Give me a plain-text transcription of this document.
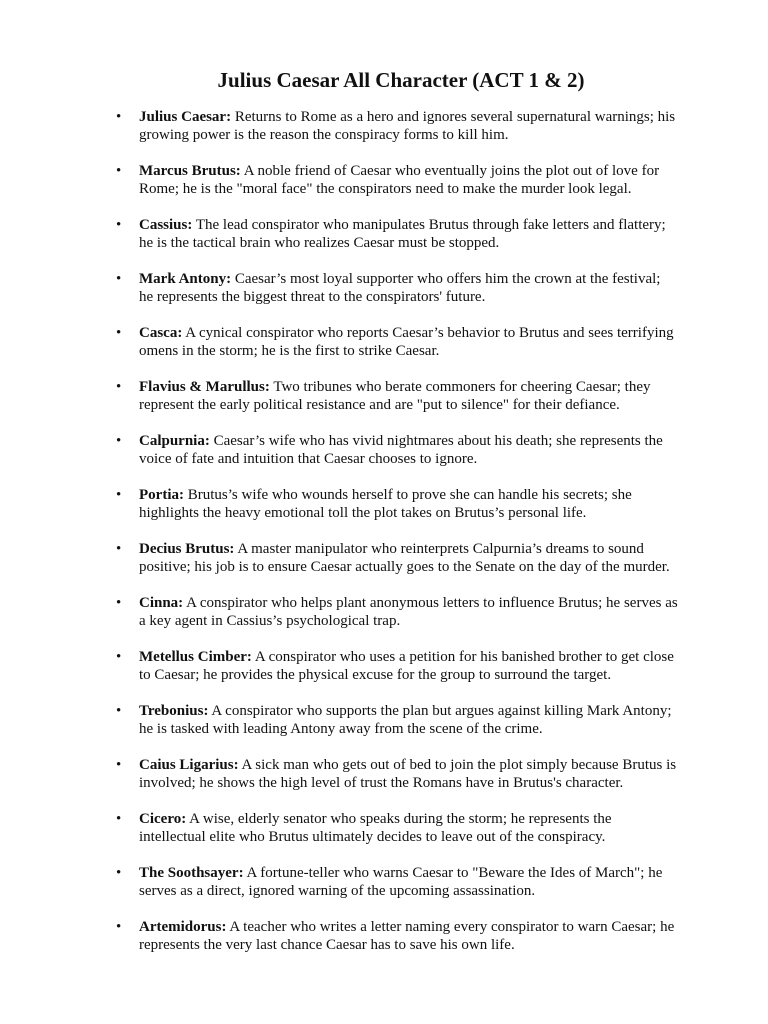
Julius Caesar All Character (ACT 1 & 2)
• Julius Caesar: Returns to Rome as a hero and ignores several supernatural warnings; his growing power is the reason the conspiracy forms to kill him.
• Marcus Brutus: A noble friend of Caesar who eventually joins the plot out of love for Rome; he is the "moral face" the conspirators need to make the murder look legal.
• Cassius: The lead conspirator who manipulates Brutus through fake letters and flattery; he is the tactical brain who realizes Caesar must be stopped.
• Mark Antony: Caesar’s most loyal supporter who offers him the crown at the festival; he represents the biggest threat to the conspirators' future.
• Casca: A cynical conspirator who reports Caesar’s behavior to Brutus and sees terrifying omens in the storm; he is the first to strike Caesar.
• Flavius & Marullus: Two tribunes who berate commoners for cheering Caesar; they represent the early political resistance and are "put to silence" for their defiance.
• Calpurnia: Caesar’s wife who has vivid nightmares about his death; she represents the voice of fate and intuition that Caesar chooses to ignore.
• Portia: Brutus’s wife who wounds herself to prove she can handle his secrets; she highlights the heavy emotional toll the plot takes on Brutus’s personal life.
• Decius Brutus: A master manipulator who reinterprets Calpurnia’s dreams to sound positive; his job is to ensure Caesar actually goes to the Senate on the day of the murder.
• Cinna: A conspirator who helps plant anonymous letters to influence Brutus; he serves as a key agent in Cassius’s psychological trap.
• Metellus Cimber: A conspirator who uses a petition for his banished brother to get close to Caesar; he provides the physical excuse for the group to surround the target.
• Trebonius: A conspirator who supports the plan but argues against killing Mark Antony; he is tasked with leading Antony away from the scene of the crime.
• Caius Ligarius: A sick man who gets out of bed to join the plot simply because Brutus is involved; he shows the high level of trust the Romans have in Brutus's character.
• Cicero: A wise, elderly senator who speaks during the storm; he represents the intellectual elite who Brutus ultimately decides to leave out of the conspiracy.
• The Soothsayer: A fortune-teller who warns Caesar to "Beware the Ides of March"; he serves as a direct, ignored warning of the upcoming assassination.
• Artemidorus: A teacher who writes a letter naming every conspirator to warn Caesar; he represents the very last chance Caesar has to save his own life.
